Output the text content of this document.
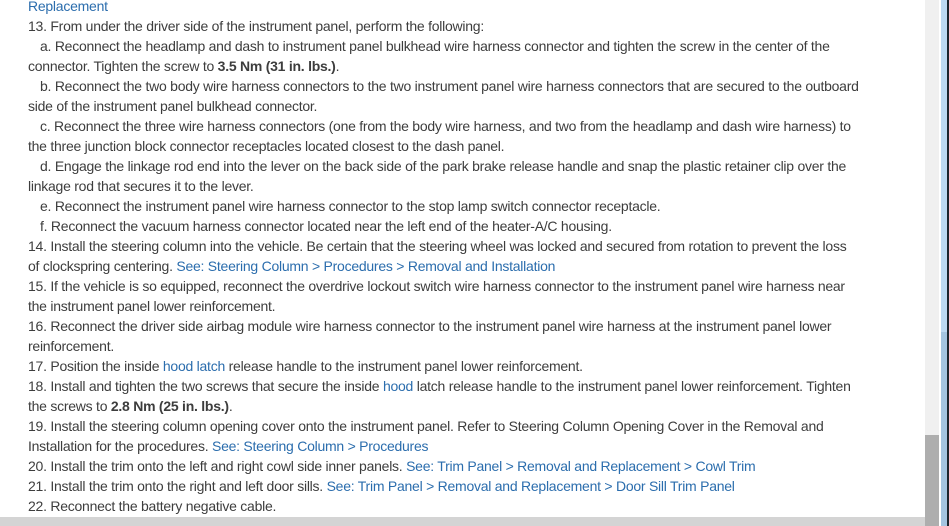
Replacement
13. From under the driver side of the instrument panel, perform the following:
a. Reconnect the headlamp and dash to instrument panel bulkhead wire harness connector and tighten the screw in the center of the
connector. Tighten the screw to 3.5 Nm (31 in. lbs.).
b. Reconnect the two body wire harness connectors to the two instrument panel wire harness connectors that are secured to the outboard
side of the instrument panel bulkhead connector.
c. Reconnect the three wire harness connectors (one from the body wire harness, and two from the headlamp and dash wire harness) to
the three junction block connector receptacles located closest to the dash panel.
d. Engage the linkage rod end into the lever on the back side of the park brake release handle and snap the plastic retainer clip over the
linkage rod that secures it to the lever.
e. Reconnect the instrument panel wire harness connector to the stop lamp switch connector receptacle.
f. Reconnect the vacuum harness connector located near the left end of the heater-A/C housing.
14. Install the steering column into the vehicle. Be certain that the steering wheel was locked and secured from rotation to prevent the loss
of clockspring centering. See: Steering Column > Procedures > Removal and Installation
15. If the vehicle is so equipped, reconnect the overdrive lockout switch wire harness connector to the instrument panel wire harness near
the instrument panel lower reinforcement.
16. Reconnect the driver side airbag module wire harness connector to the instrument panel wire harness at the instrument panel lower
reinforcement.
17. Position the inside hood latch release handle to the instrument panel lower reinforcement.
18. Install and tighten the two screws that secure the inside hood latch release handle to the instrument panel lower reinforcement. Tighten
the screws to 2.8 Nm (25 in. lbs.).
19. Install the steering column opening cover onto the instrument panel. Refer to Steering Column Opening Cover in the Removal and
Installation for the procedures. See: Steering Column > Procedures
20. Install the trim onto the left and right cowl side inner panels. See: Trim Panel > Removal and Replacement > Cowl Trim
21. Install the trim onto the right and left door sills. See: Trim Panel > Removal and Replacement > Door Sill Trim Panel
22. Reconnect the battery negative cable.
